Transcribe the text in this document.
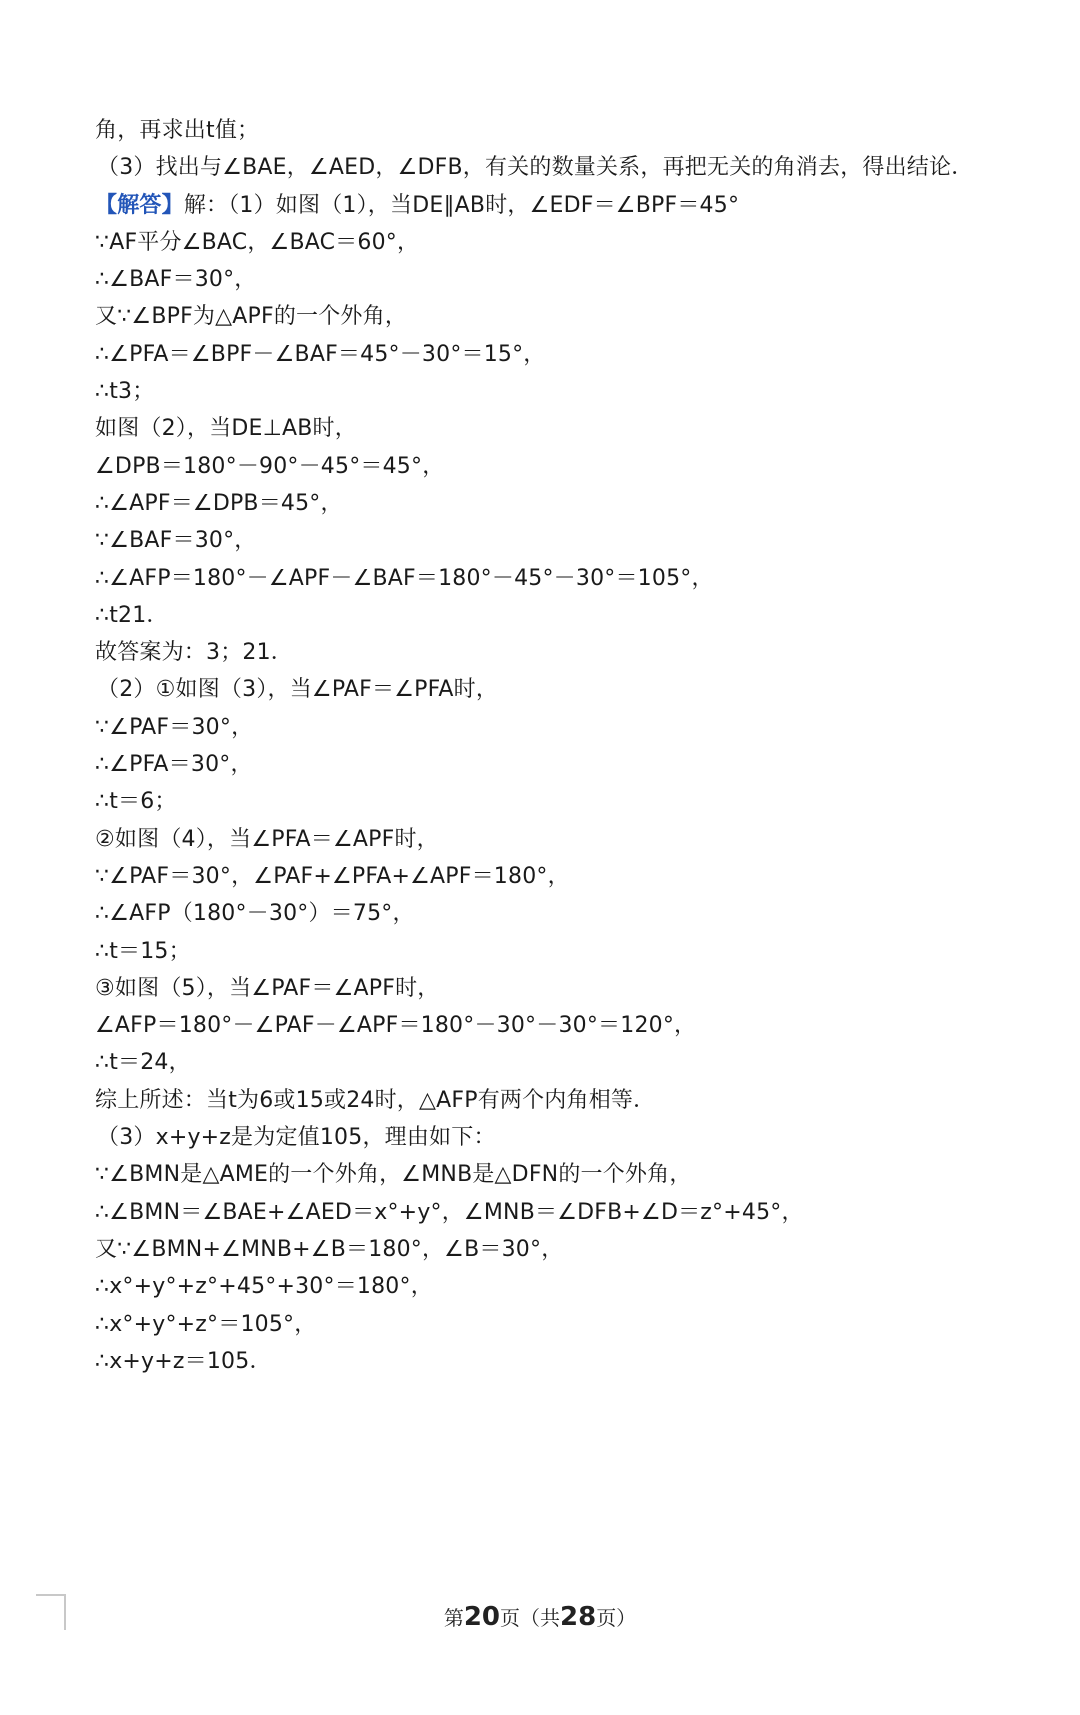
角，再求出t值；
（3）找出与∠BAE，∠AED，∠DFB，有关的数量关系，再把无关的角消去，得出结论．
【解答】解：（1）如图（1），当DE∥AB时，∠EDF＝∠BPF＝45°
∵AF平分∠BAC，∠BAC＝60°，
∴∠BAF＝30°，
又∵∠BPF为△APF的一个外角，
∴∠PFA＝∠BPF－∠BAF＝45°－30°＝15°，
∴t3；
如图（2），当DE⊥AB时，
∠DPB＝180°－90°－45°＝45°，
∴∠APF＝∠DPB＝45°，
∵∠BAF＝30°，
∴∠AFP＝180°－∠APF－∠BAF＝180°－45°－30°＝105°，
∴t21．
故答案为：3；21．
（2）①如图（3），当∠PAF＝∠PFA时，
∵∠PAF＝30°，
∴∠PFA＝30°，
∴t＝6；
②如图（4），当∠PFA＝∠APF时，
∵∠PAF＝30°，∠PAF+∠PFA+∠APF＝180°，
∴∠AFP（180°－30°）＝75°，
∴t＝15；
③如图（5），当∠PAF＝∠APF时，
∠AFP＝180°－∠PAF－∠APF＝180°－30°－30°＝120°，
∴t＝24，
综上所述：当t为6或15或24时，△AFP有两个内角相等．
（3）x+y+z是为定值105，理由如下：
∵∠BMN是△AME的一个外角，∠MNB是△DFN的一个外角，
∴∠BMN＝∠BAE+∠AED＝x°+y°，∠MNB＝∠DFB+∠D＝z°+45°，
又∵∠BMN+∠MNB+∠B＝180°，∠B＝30°，
∴x°+y°+z°+45°+30°＝180°，
∴x°+y°+z°＝105°，
∴x+y+z＝105．
第20页（共28页）
